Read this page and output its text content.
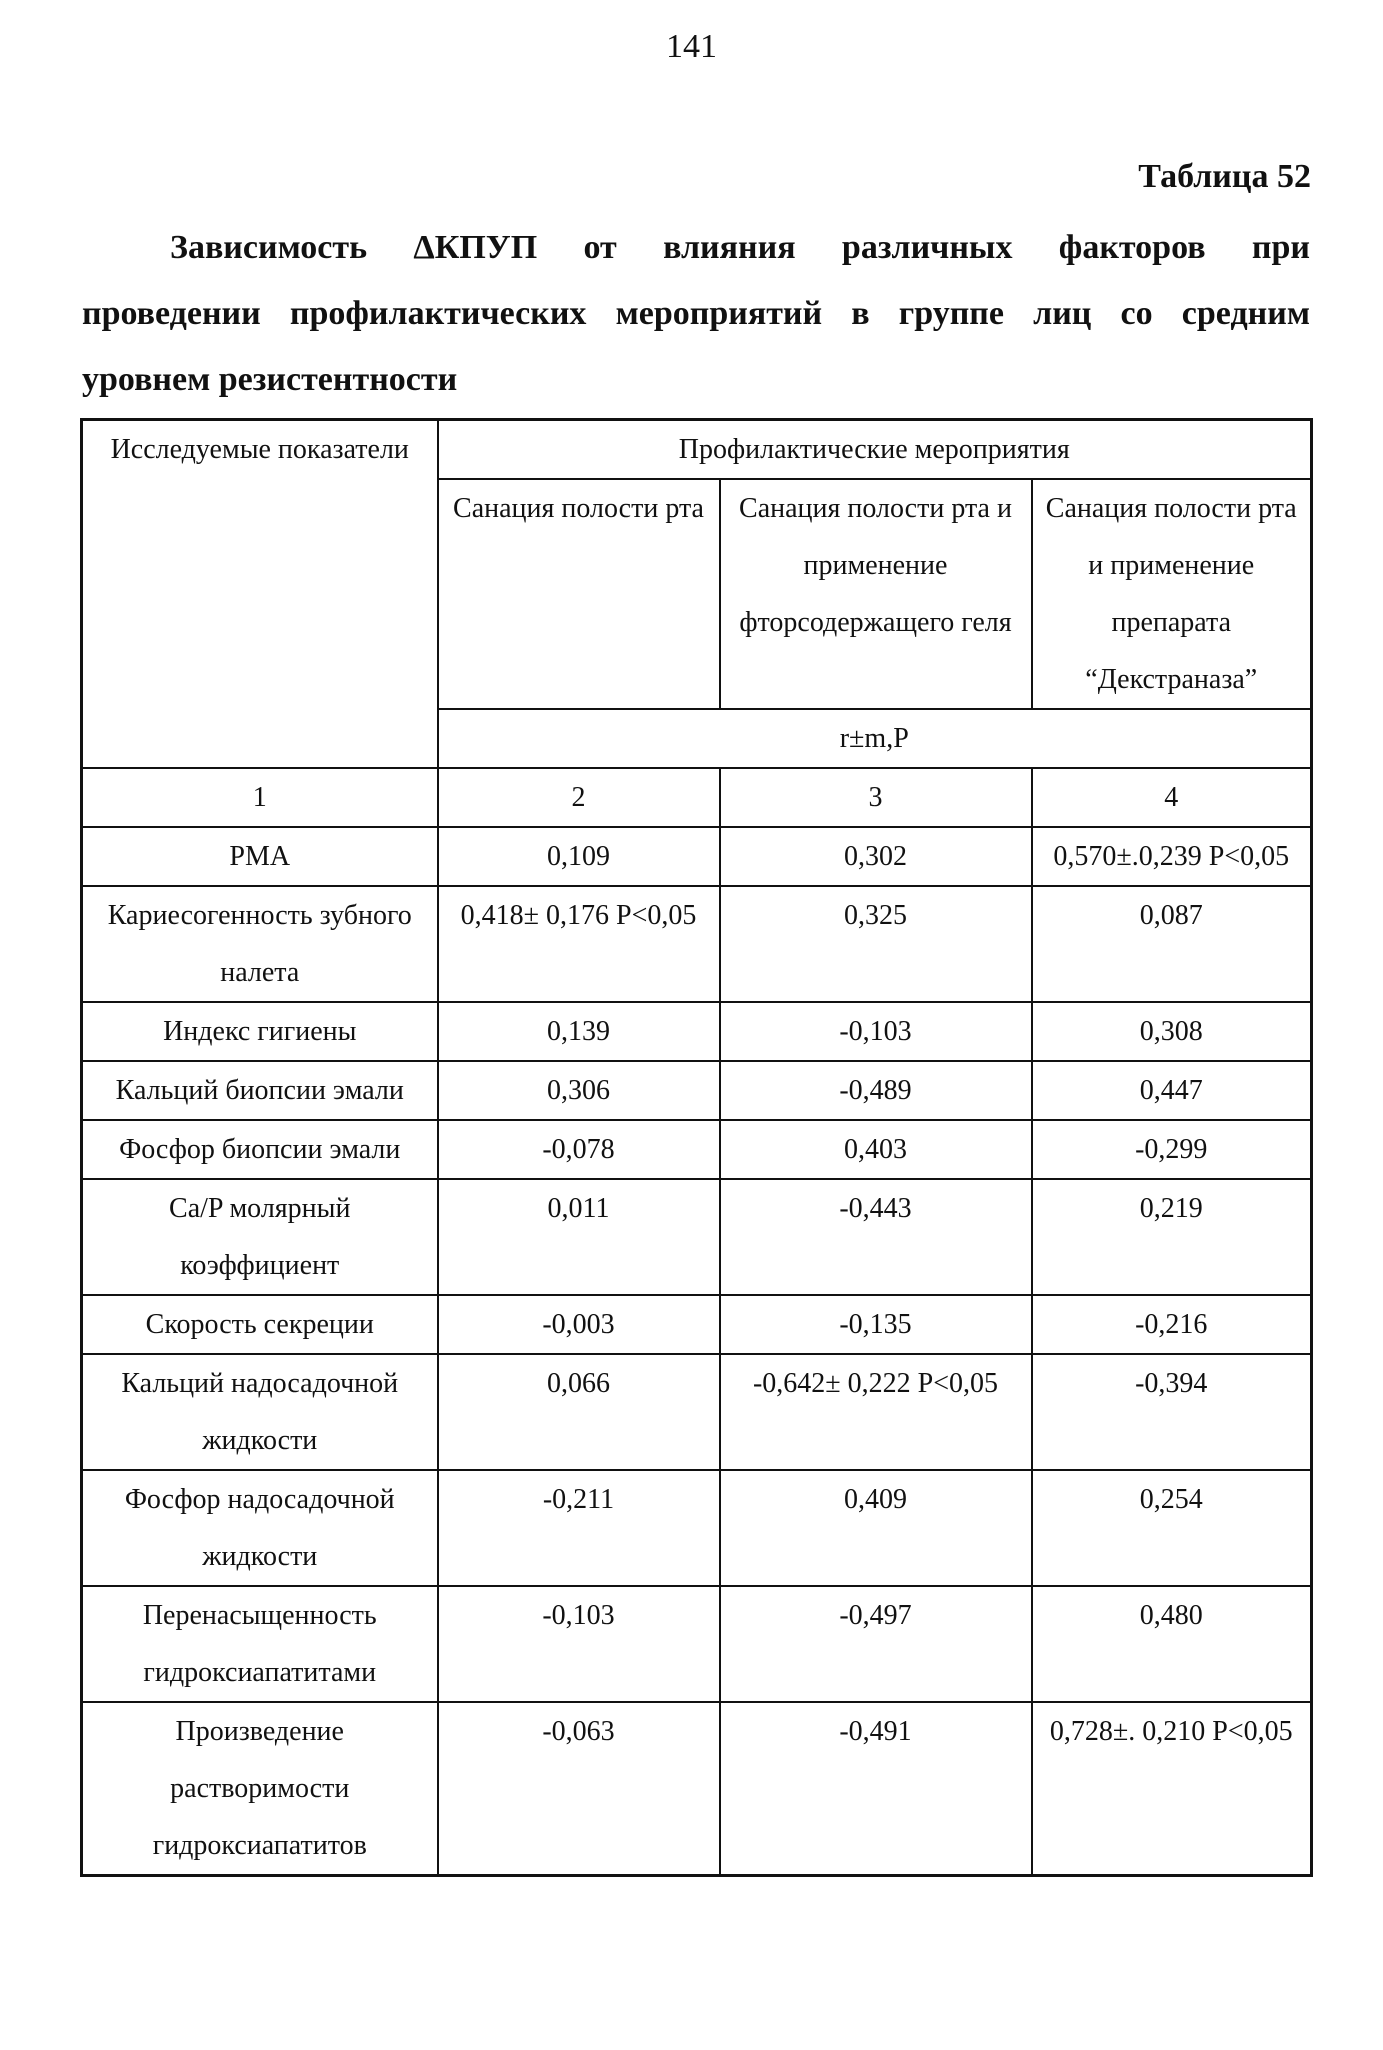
141
Таблица 52
Зависимость ΔКПУП от влияния различных факторов при
проведении профилактических мероприятий в группе лиц со средним
уровнем резистентности
Исследуемые показатели	Профилактические мероприятия		
	Санация полости рта	Санация полости рта и применение фторсодержащего геля	Санация полости рта и применение препарата “Декстраназа”
	r±m,P		
1	2	3	4
РМА	0,109	0,302	0,570±.0,239 P<0,05
Кариесогенность зубного налета	0,418± 0,176 P<0,05	0,325	0,087
Индекс гигиены	0,139	-0,103	0,308
Кальций биопсии эмали	0,306	-0,489	0,447
Фосфор биопсии эмали	-0,078	0,403	-0,299
Ca/P молярный коэффициент	0,011	-0,443	0,219
Скорость секреции	-0,003	-0,135	-0,216
Кальций надосадочной жидкости	0,066	-0,642± 0,222 P<0,05	-0,394
Фосфор надосадочной жидкости	-0,211	0,409	0,254
Перенасыщенность гидроксиапатитами	-0,103	-0,497	0,480
Произведение растворимости гидроксиапатитов	-0,063	-0,491	0,728±. 0,210 P<0,05
